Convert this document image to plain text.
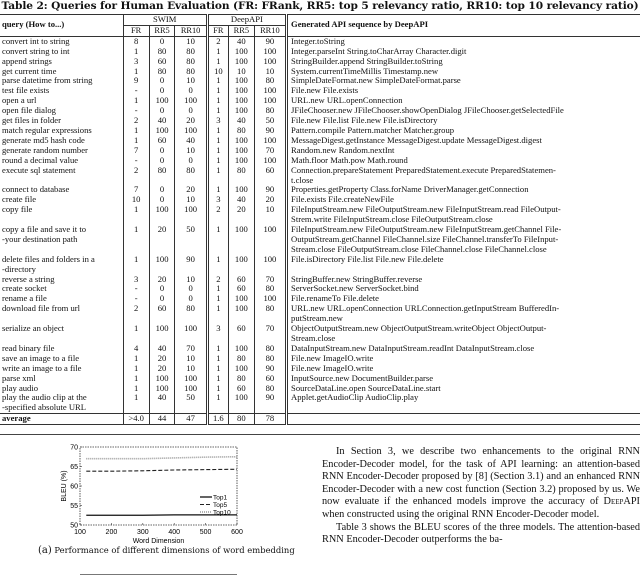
Table 2: Queries for Human Evaluation (FR: FRank, RR5: top 5 relevancy ratio, RR10: top 10 relevancy ratio)
query (How to...)	SWIM			DeepAPI			Generated API sequence by DeepAPI
	FR	RR5	RR10	FR	RR5	RR10	
convert int to string	8	0	10	2	40	90	Integer.toString
convert string to int	1	80	80	1	100	100	Integer.parseInt String.toCharArray Character.digit
append strings	3	60	80	1	100	100	StringBuilder.append StringBuilder.toString
get current time	1	80	80	10	10	10	System.currentTimeMillis Timestamp.new
parse datetime from string	9	0	10	1	100	80	SimpleDateFormat.new SimpleDateFormat.parse
test file exists	-	0	0	1	100	100	File.new File.exists
open a url	1	100	100	1	100	100	URL.new URL.openConnection
open file dialog	-	0	0	1	100	80	JFileChooser.new JFileChooser.showOpenDialog JFileChooser.getSelectedFile
get files in folder	2	40	20	3	40	50	File.new File.list File.new File.isDirectory
match regular expressions	1	100	100	1	80	90	Pattern.compile Pattern.matcher Matcher.group
generate md5 hash code	1	60	40	1	100	100	MessageDigest.getInstance MessageDigest.update MessageDigest.digest
generate random number	7	0	10	1	100	70	Random.new Random.nextInt
round a decimal value	-	0	0	1	100	100	Math.floor Math.pow Math.round
execute sql statement	2	80	80	1	80	60	Connection.prepareStatement PreparedStatement.execute PreparedStatemen-
t.close
connect to database	7	0	20	1	100	90	Properties.getProperty Class.forName DriverManager.getConnection
create file	10	0	10	3	40	20	File.exists File.createNewFile
copy file	1	100	100	2	20	10	FileInputStream.new FileOutputStream.new FileInputStream.read FileOutput-
Strem.write FileInputStream.close FileOutputStream.close
copy a file and save it to
-your destination path	1	20	50	1	100	100	FileInputStream.new FileOutputStream.new FileInputStream.getChannel File-
OutputStream.getChannel FileChannel.size FileChannel.transferTo FileInput-
Stream.close FileOutputStream.close FileChannel.close FileChannel.close
delete files and folders in a
-directory	1	100	90	1	100	100	File.isDirectory File.list File.new File.delete
reverse a string	3	20	10	2	60	70	StringBuffer.new StringBuffer.reverse
create socket	-	0	0	1	60	80	ServerSocket.new ServerSocket.bind
rename a file	-	0	0	1	100	100	File.renameTo File.delete
download file from url	2	60	80	1	100	80	URL.new URL.openConnection URLConnection.getInputStream BufferedIn-
putStream.new
serialize an object	1	100	100	3	60	70	ObjectOutputStream.new ObjectOutputStream.writeObject ObjectOutput-
Stream.close
read binary file	4	40	70	1	100	80	DataInputStream.new DataInputStream.readInt DataInputStream.close
save an image to a file	1	20	10	1	80	80	File.new ImageIO.write
write an image to a file	1	20	10	1	100	90	File.new ImageIO.write
parse xml	1	100	100	1	80	60	InputSource.new DocumentBuilder.parse
play audio	1	100	100	1	60	80	SourceDataLine.open SourceDataLine.start
play the audio clip at the
-specified absolute URL	1	40	50	1	100	90	Applet.getAudioClip AudioClip.play
average	>4.0	44	47	1.6	80	78	
100	200	300	400	500	600
50
55
60
65
70
Word Dimension
BLEU (%)	Top1
Top5
Top10
(a) Performance of different dimensions of word embedding

In Section 3, we describe two enhancements to the original RNN Encoder-Decoder model, for the task of API learning: an attention-based RNN Encoder-Decoder proposed by [8] (Section 3.1) and an enhanced RNN Encoder-Decoder with a new cost function (Section 3.2) proposed by us. We now evaluate if the enhanced models improve the accuracy of DeepAPI when constructed using the original RNN Encoder-Decoder model.

Table 3 shows the BLEU scores of the three models. The attention-based RNN Encoder-Decoder outperforms the ba-
